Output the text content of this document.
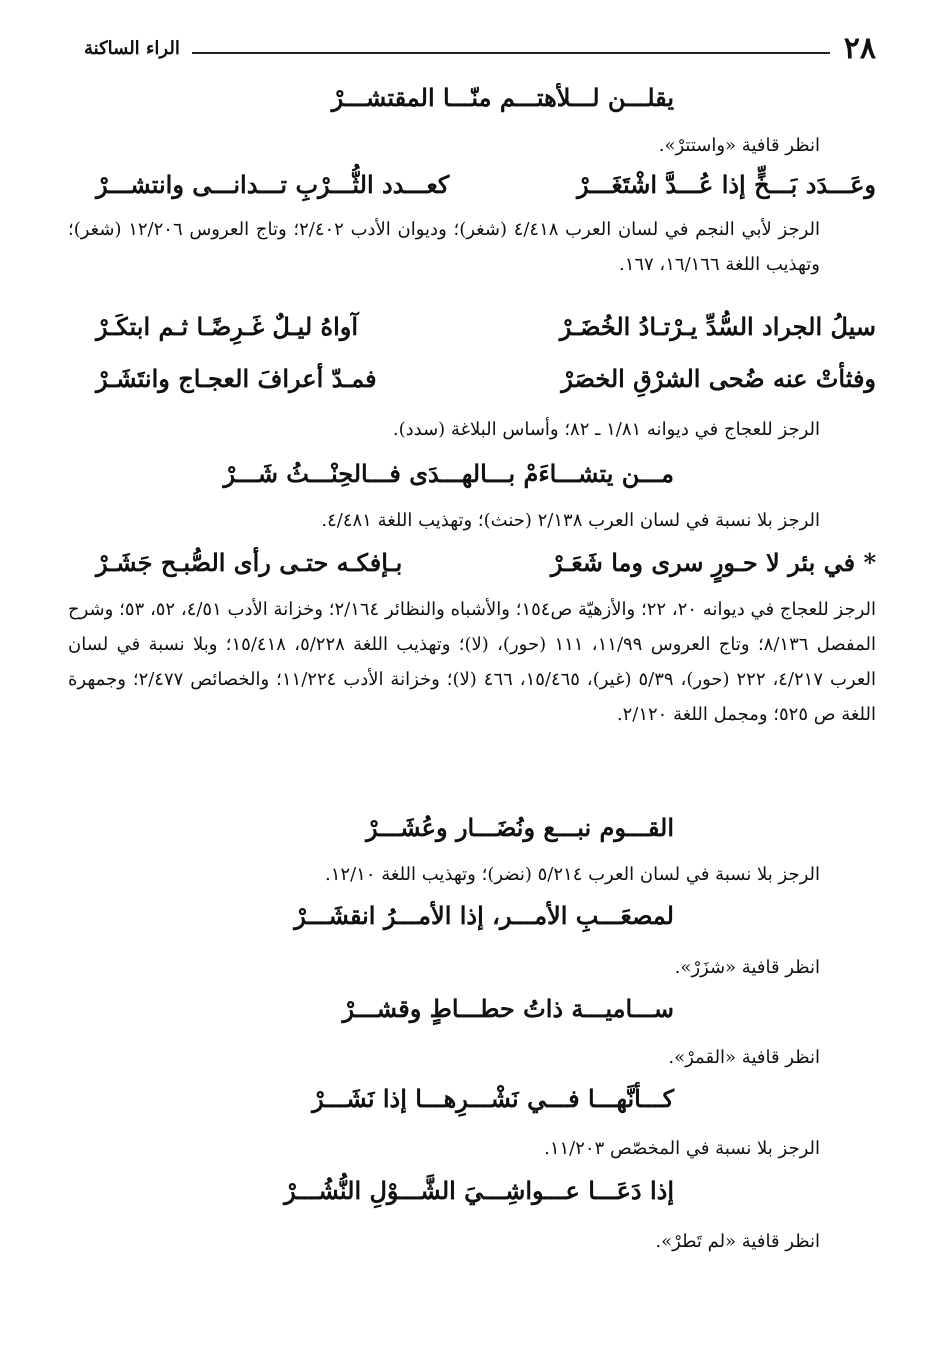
٢٨
الراء الساكنة
يقلـــن لـــلأهتـــم منّـــا المقتشـــرْ
انظر قافية «واستترْ».
وعَـــدَد بَـــخٍّ إذا عُـــدَّ اشْتَغَـــرْ
كعـــدد الثُّـــرْبِ تـــدانـــى وانتشـــرْ
الرجز لأبي النجم في لسان العرب ٤/٤١٨ (شغر)؛ وديوان الأدب ٢/٤٠٢؛ وتاج العروس ١٢/٢٠٦ (شغر)؛ وتهذيب اللغة ١٦/١٦٦، ١٦٧.
سيلُ الجراد السُّدِّ يـرْتـادُ الخُضَـرْ
آواهُ ليـلٌ غَـرِضًـا ثـم ابتكَـرْ
وفثأتْ عنه ضُحى الشرْقِ الخصَرْ
فمـدّ أعرافَ العجـاج وانتَشَـرْ
الرجز للعجاج في ديوانه ١/٨١ ـ ٨٢؛ وأساس البلاغة (سدد).
مـــن يتشـــاءَمْ بـــالهـــدَى فـــالحِنْـــثُ شَـــرْ
الرجز بلا نسبة في لسان العرب ٢/١٣٨ (حنث)؛ وتهذيب اللغة ٤/٤٨١.
* في بئر لا حـورٍ سرى وما شَعَـرْ
بـإفكـه حتـى رأى الصُّبـح جَشَـرْ
الرجز للعجاج في ديوانه ٢٠، ٢٢؛ والأزهيّة ص١٥٤؛ والأشباه والنظائر ٢/١٦٤؛ وخزانة الأدب ٤/٥١، ٥٢، ٥٣؛ وشرح المفصل ٨/١٣٦؛ وتاج العروس ١١/٩٩، ١١١ (حور)، (لا)؛ وتهذيب اللغة ٥/٢٢٨، ١٥/٤١٨؛ وبلا نسبة في لسان العرب ٤/٢١٧، ٢٢٢ (حور)، ٥/٣٩ (غير)، ١٥/٤٦٥، ٤٦٦ (لا)؛ وخزانة الأدب ١١/٢٢٤؛ والخصائص ٢/٤٧٧؛ وجمهرة اللغة ص ٥٢٥؛ ومجمل اللغة ٢/١٢٠.
القـــوم نبـــع ونُضَـــار وعُشَـــرْ
الرجز بلا نسبة في لسان العرب ٥/٢١٤ (نضر)؛ وتهذيب اللغة ١٢/١٠.
لمصعَـــبِ الأمـــر، إذا الأمـــرُ انقشَـــرْ
انظر قافية «شزَرْ».
ســـاميـــة ذاتُ حطـــاطٍ وقشـــرْ
انظر قافية «القمرْ».
كـــأنَّهـــا فـــي نَشْـــرِهـــا إذا نَشَـــرْ
الرجز بلا نسبة في المخصّص ١١/٢٠٣.
إذا دَعَـــا عـــواشِـــيَ الشَّـــوْلِ النُّشُـــرْ
انظر قافية «لم تَطرْ».
